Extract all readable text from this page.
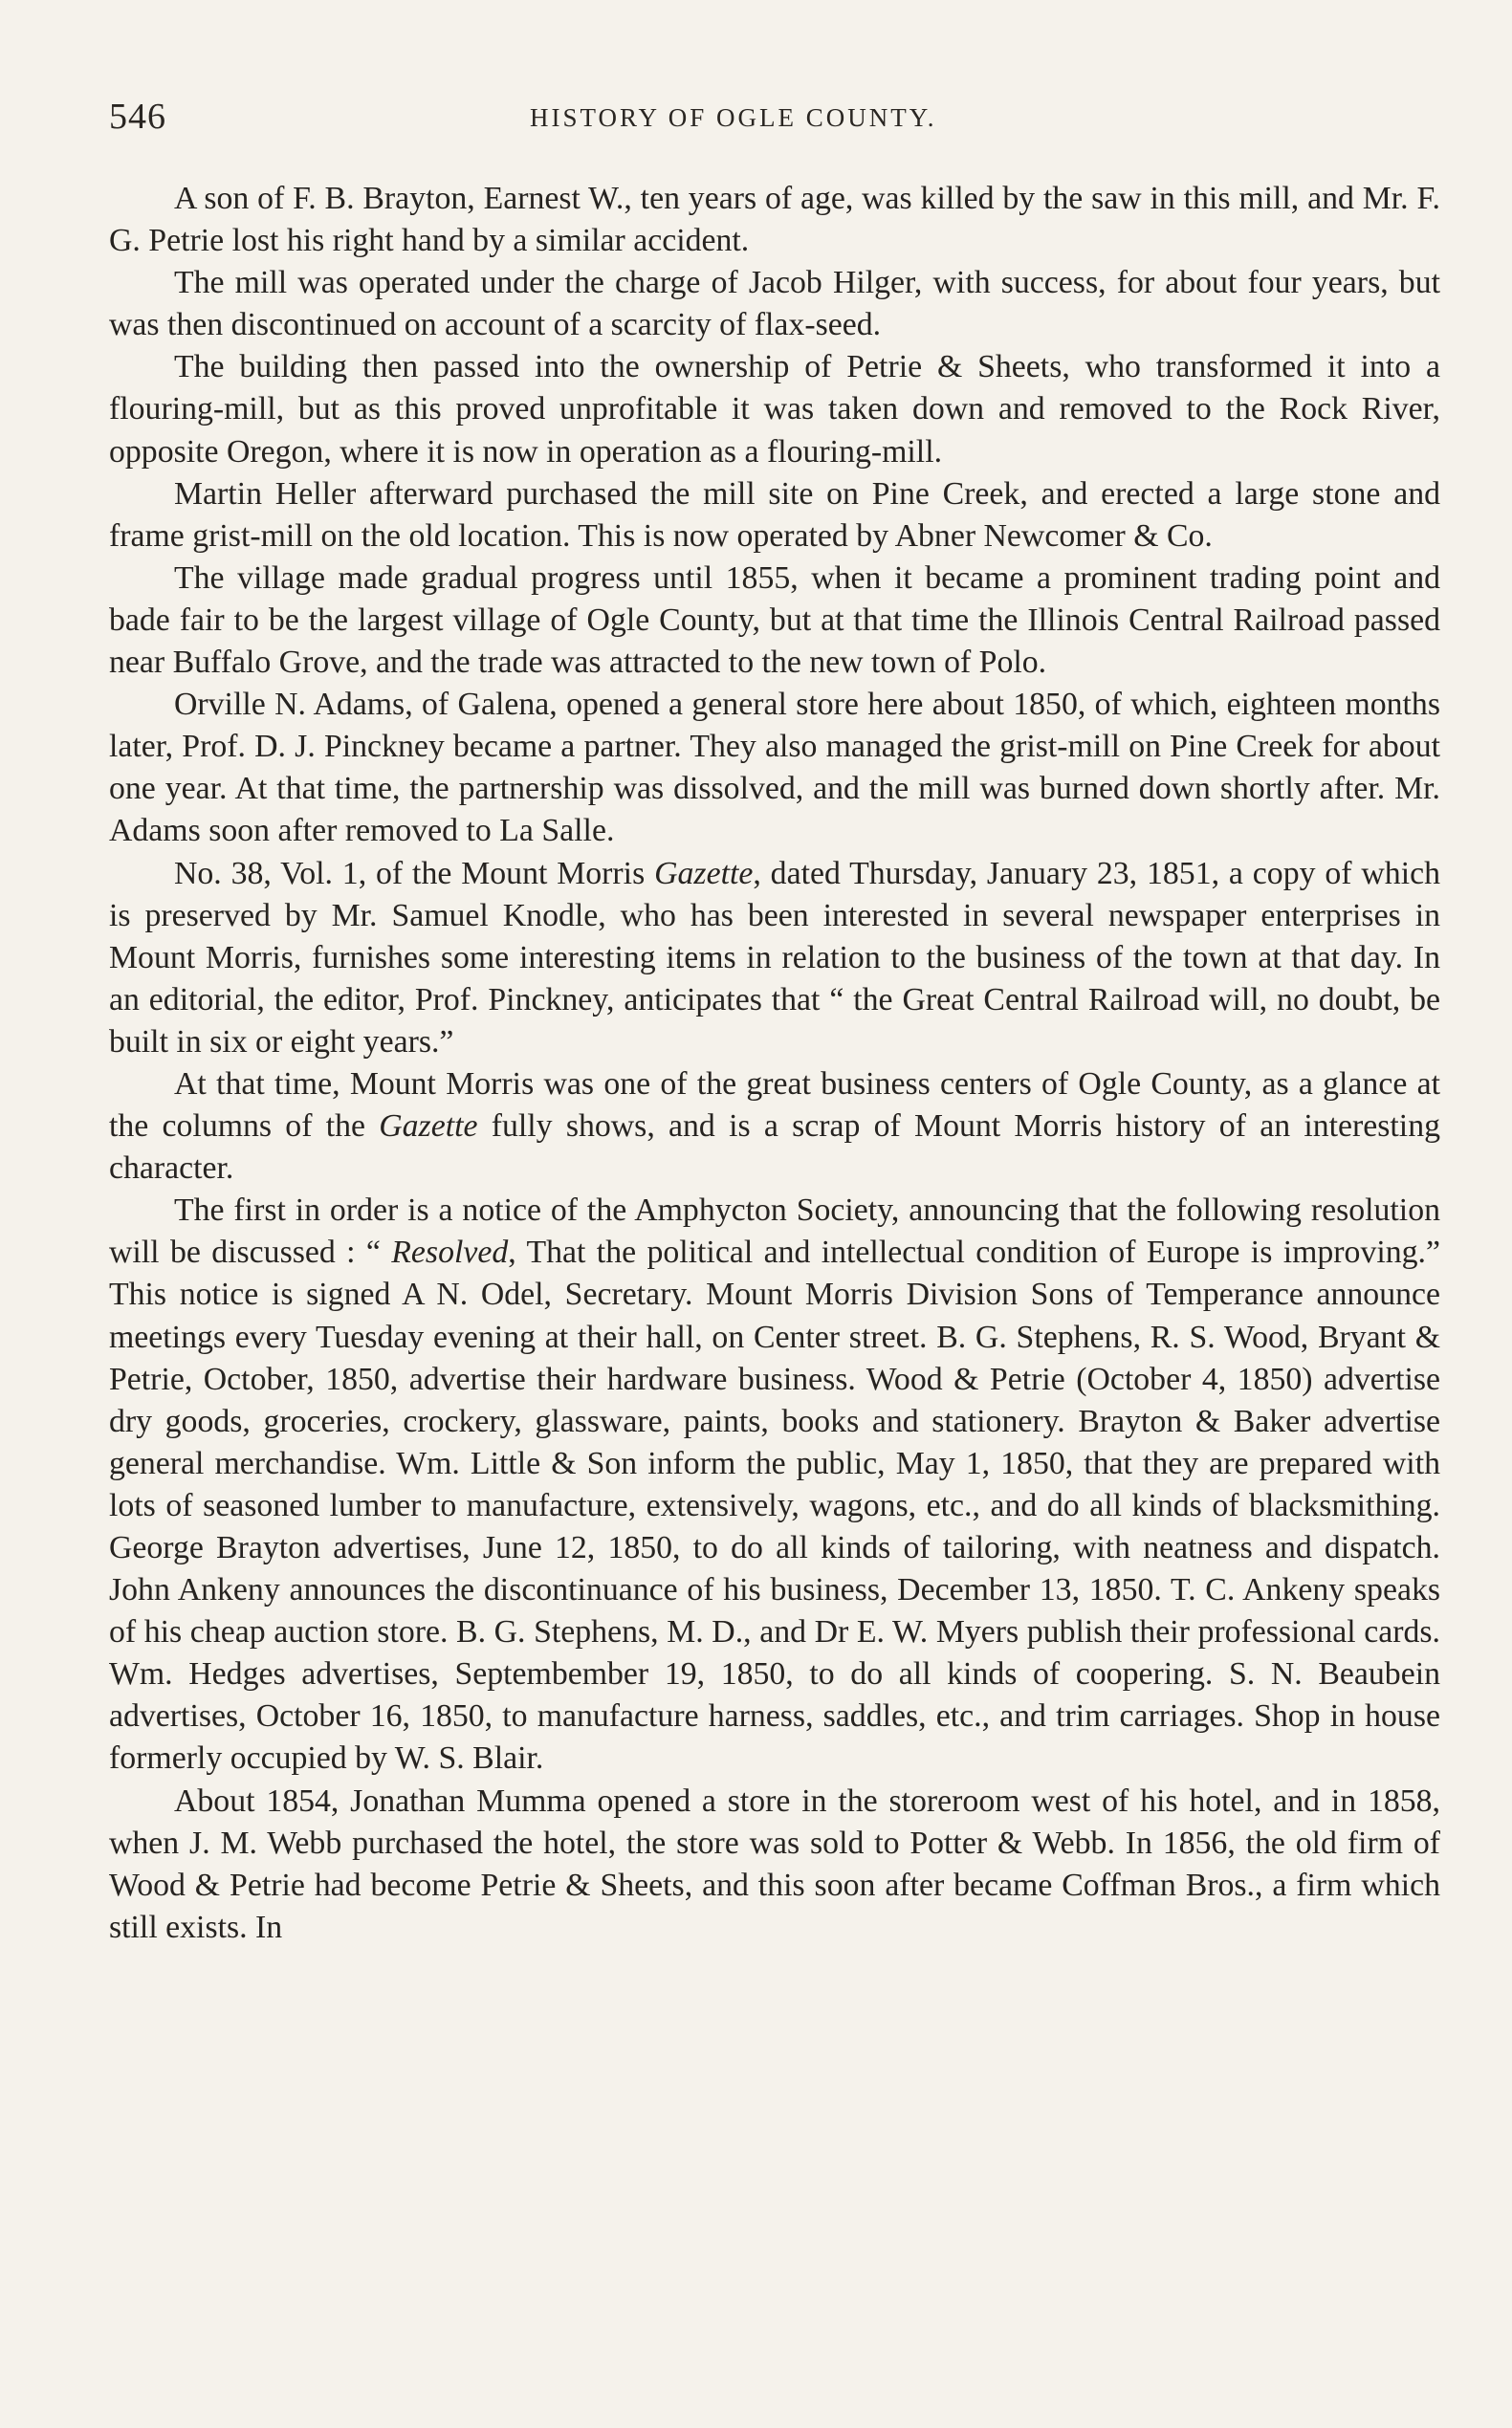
546	HISTORY OF OGLE COUNTY.

A son of F. B. Brayton, Earnest W., ten years of age, was killed by the saw in this mill, and Mr. F. G. Petrie lost his right hand by a similar accident.

The mill was operated under the charge of Jacob Hilger, with success, for about four years, but was then discontinued on account of a scarcity of flax-seed.

The building then passed into the ownership of Petrie & Sheets, who transformed it into a flouring-mill, but as this proved unprofitable it was taken down and removed to the Rock River, opposite Oregon, where it is now in operation as a flouring-mill.

Martin Heller afterward purchased the mill site on Pine Creek, and erected a large stone and frame grist-mill on the old location. This is now operated by Abner Newcomer & Co.

The village made gradual progress until 1855, when it became a prominent trading point and bade fair to be the largest village of Ogle County, but at that time the Illinois Central Railroad passed near Buffalo Grove, and the trade was attracted to the new town of Polo.

Orville N. Adams, of Galena, opened a general store here about 1850, of which, eighteen months later, Prof. D. J. Pinckney became a partner. They also managed the grist-mill on Pine Creek for about one year. At that time, the partnership was dissolved, and the mill was burned down shortly after. Mr. Adams soon after removed to La Salle.

No. 38, Vol. 1, of the Mount Morris Gazette, dated Thursday, January 23, 1851, a copy of which is preserved by Mr. Samuel Knodle, who has been interested in several newspaper enterprises in Mount Morris, furnishes some interesting items in relation to the business of the town at that day. In an editorial, the editor, Prof. Pinckney, anticipates that “ the Great Central Railroad will, no doubt, be built in six or eight years.”

At that time, Mount Morris was one of the great business centers of Ogle County, as a glance at the columns of the Gazette fully shows, and is a scrap of Mount Morris history of an interesting character.

The first in order is a notice of the Amphycton Society, announcing that the following resolution will be discussed : “ Resolved, That the political and intellectual condition of Europe is improving.” This notice is signed A N. Odel, Secretary. Mount Morris Division Sons of Temperance announce meetings every Tuesday evening at their hall, on Center street. B. G. Stephens, R. S. Wood, Bryant & Petrie, October, 1850, advertise their hardware business. Wood & Petrie (October 4, 1850) advertise dry goods, groceries, crockery, glassware, paints, books and stationery. Brayton & Baker advertise general merchandise. Wm. Little & Son inform the public, May 1, 1850, that they are prepared with lots of seasoned lumber to manufacture, extensively, wagons, etc., and do all kinds of blacksmithing. George Brayton advertises, June 12, 1850, to do all kinds of tailoring, with neatness and dispatch. John Ankeny announces the discontinuance of his business, December 13, 1850. T. C. Ankeny speaks of his cheap auction store. B. G. Stephens, M. D., and Dr E. W. Myers publish their professional cards. Wm. Hedges advertises, Septembember 19, 1850, to do all kinds of coopering. S. N. Beaubein advertises, October 16, 1850, to manufacture harness, saddles, etc., and trim carriages. Shop in house formerly occupied by W. S. Blair.

About 1854, Jonathan Mumma opened a store in the storeroom west of his hotel, and in 1858, when J. M. Webb purchased the hotel, the store was sold to Potter & Webb. In 1856, the old firm of Wood & Petrie had become Petrie & Sheets, and this soon after became Coffman Bros., a firm which still exists. In
